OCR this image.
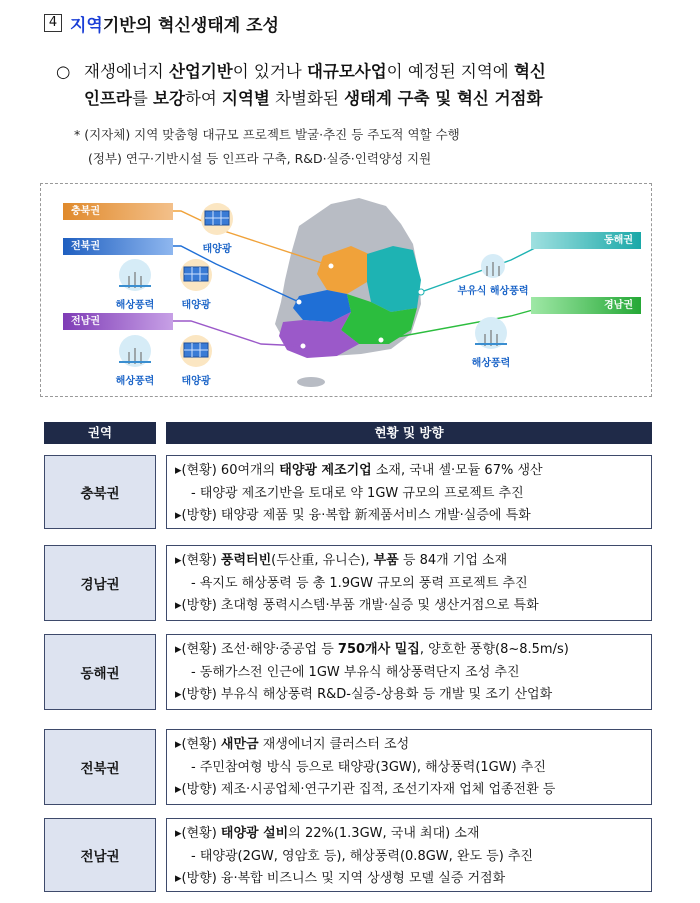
4 지역 기반의 혁신생태계 조성
○ 재생에너지 산업기반이 있거나 대규모사업이 예정된 지역에 혁신
인프라를 보강하여 지역별 차별화된 생태계 구축 및 혁신 거점화
* (지자체) 지역 맞춤형 대규모 프로젝트 발굴·추진 등 주도적 역할 수행
(정부) 연구·기반시설 등 인프라 구축, R&D·실증·인력양성 지원
충북권
전북권
전남권
동해권
경남권
태양광
해상풍력	태양광
해상풍력	태양광
부유식 해상풍력
해상풍력
권역	현황 및 방향
충북권
▸(현황) 60여개의 태양광 제조기업 소재, 국내 셀·모듈 67% 생산
- 태양광 제조기반을 토대로 약 1GW 규모의 프로젝트 추진
▸(방향) 태양광 제품 및 융·복합 新제품서비스 개발·실증에 특화
경남권
▸(현황) 풍력터빈(두산重, 유니슨), 부품 등 84개 기업 소재
- 욕지도 해상풍력 등 총 1.9GW 규모의 풍력 프로젝트 추진
▸(방향) 초대형 풍력시스템·부품 개발·실증 및 생산거점으로 특화
동해권
▸(현황) 조선·해양·중공업 등 750개사 밀집, 양호한 풍향(8~8.5m/s)
- 동해가스전 인근에 1GW 부유식 해상풍력단지 조성 추진
▸(방향) 부유식 해상풍력 R&D-실증-상용화 등 개발 및 조기 산업화
전북권
▸(현황) 새만금 재생에너지 클러스터 조성
- 주민참여형 방식 등으로 태양광(3GW), 해상풍력(1GW) 추진
▸(방향) 제조·시공업체·연구기관 집적, 조선기자재 업체 업종전환 등
전남권
▸(현황) 태양광 설비의 22%(1.3GW, 국내 최대) 소재
- 태양광(2GW, 영암호 등), 해상풍력(0.8GW, 완도 등) 추진
▸(방향) 융·복합 비즈니스 및 지역 상생형 모델 실증 거점화
